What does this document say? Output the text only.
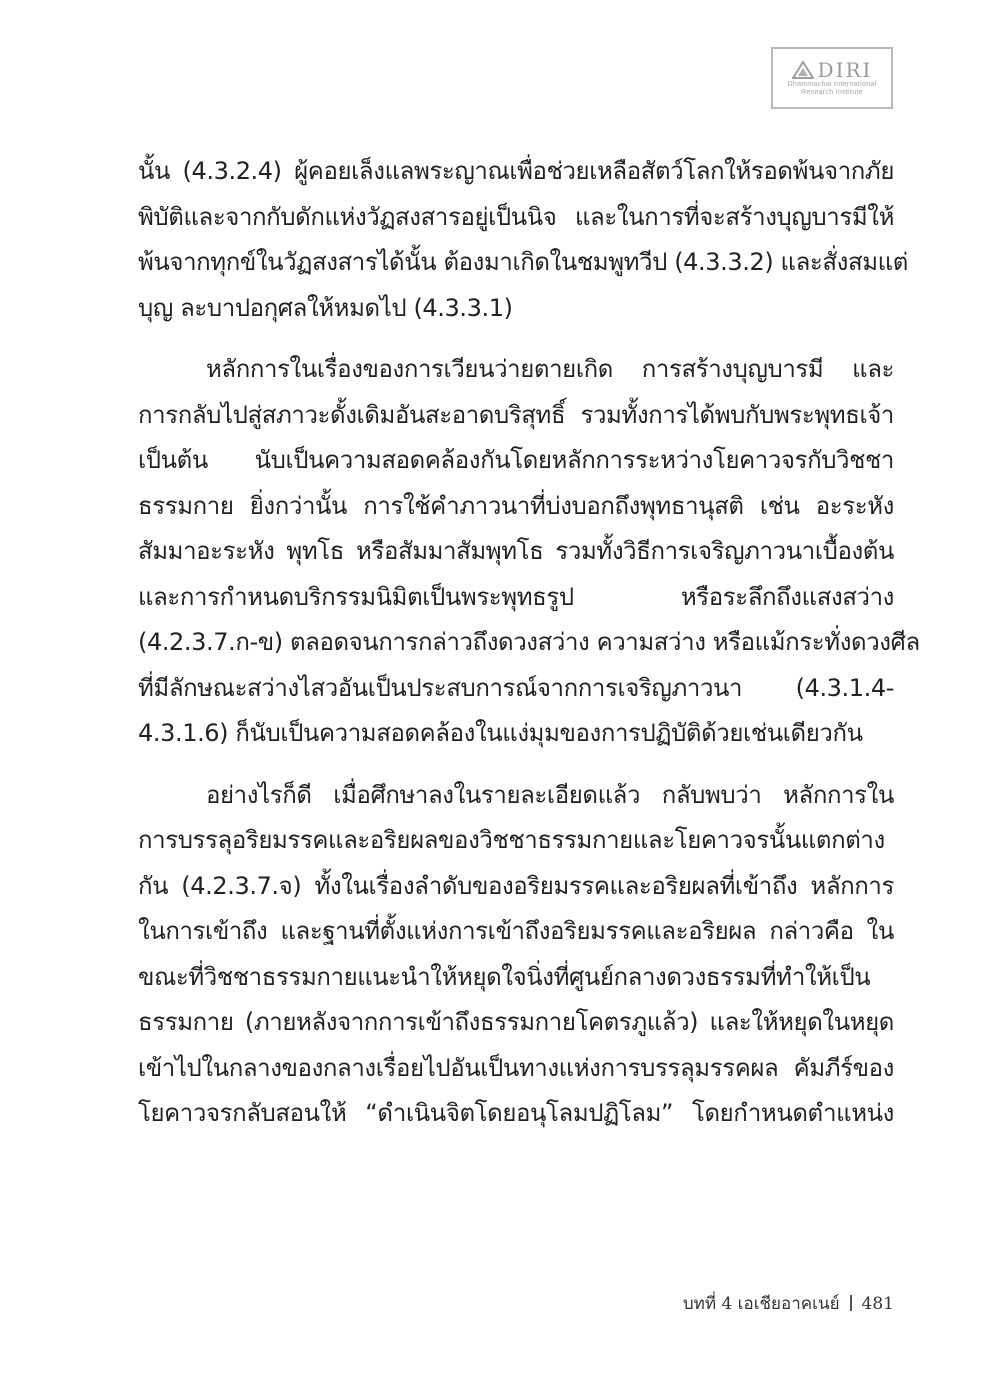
DIRI
Dhammachai International
Research Institute

นั้น (4.3.2.4) ผู้คอยเล็งแลพระญาณเพื่อช่วยเหลือสัตว์โลกให้รอดพ้นจากภัย
พิบัติและจากกับดักแห่งวัฏสงสารอยู่เป็นนิจ และในการที่จะสร้างบุญบารมีให้
พ้นจากทุกข์ในวัฏสงสารได้นั้น ต้องมาเกิดในชมพูทวีป (4.3.3.2) และสั่งสมแต่
บุญ ละบาปอกุศลให้หมดไป (4.3.3.1)

หลักการในเรื่องของการเวียนว่ายตายเกิด การสร้างบุญบารมี และ
การกลับไปสู่สภาวะดั้งเดิมอันสะอาดบริสุทธิ์ รวมทั้งการได้พบกับพระพุทธเจ้า
เป็นต้น นับเป็นความสอดคล้องกันโดยหลักการระหว่างโยคาวจรกับวิชชา
ธรรมกาย ยิ่งกว่านั้น การใช้คำภาวนาที่บ่งบอกถึงพุทธานุสติ เช่น อะระหัง
สัมมาอะระหัง พุทโธ หรือสัมมาสัมพุทโธ รวมทั้งวิธีการเจริญภาวนาเบื้องต้น
และการกำหนดบริกรรมนิมิตเป็นพระพุทธรูป หรือระลึกถึงแสงสว่าง
(4.2.3.7.ก-ข) ตลอดจนการกล่าวถึงดวงสว่าง ความสว่าง หรือแม้กระทั่งดวงศีล
ที่มีลักษณะสว่างไสวอันเป็นประสบการณ์จากการเจริญภาวนา (4.3.1.4-
4.3.1.6) ก็นับเป็นความสอดคล้องในแง่มุมของการปฏิบัติด้วยเช่นเดียวกัน

อย่างไรก็ดี เมื่อศึกษาลงในรายละเอียดแล้ว กลับพบว่า หลักการใน
การบรรลุอริยมรรคและอริยผลของวิชชาธรรมกายและโยคาวจรนั้นแตกต่าง
กัน (4.2.3.7.จ) ทั้งในเรื่องลำดับของอริยมรรคและอริยผลที่เข้าถึง หลักการ
ในการเข้าถึง และฐานที่ตั้งแห่งการเข้าถึงอริยมรรคและอริยผล กล่าวคือ ใน
ขณะที่วิชชาธรรมกายแนะนำให้หยุดใจนิ่งที่ศูนย์กลางดวงธรรมที่ทำให้เป็น
ธรรมกาย (ภายหลังจากการเข้าถึงธรรมกายโคตรภูแล้ว) และให้หยุดในหยุด
เข้าไปในกลางของกลางเรื่อยไปอันเป็นทางแห่งการบรรลุมรรคผล คัมภีร์ของ
โยคาวจรกลับสอนให้ “ดำเนินจิตโดยอนุโลมปฏิโลม” โดยกำหนดตำแหน่ง

บทที่ 4 เอเชียอาคเนย์ 481
